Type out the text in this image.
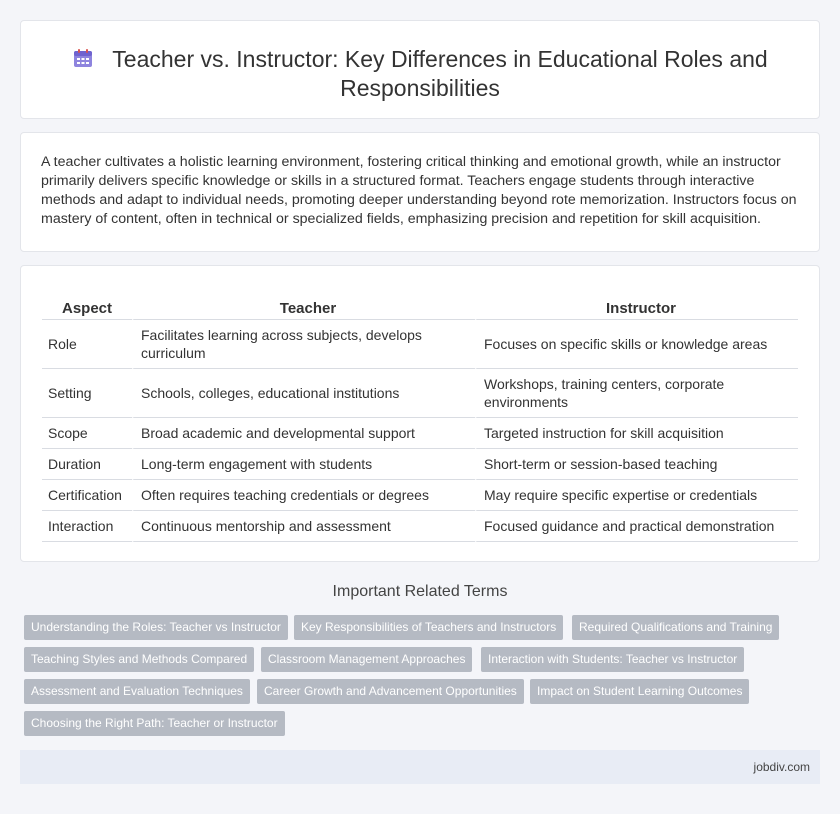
Teacher vs. Instructor: Key Differences in Educational Roles and Responsibilities

A teacher cultivates a holistic learning environment, fostering critical thinking and emotional growth, while an instructor primarily delivers specific knowledge or skills in a structured format. Teachers engage students through interactive methods and adapt to individual needs, promoting deeper understanding beyond rote memorization. Instructors focus on mastery of content, often in technical or specialized fields, emphasizing precision and repetition for skill acquisition.

Aspect	Teacher	Instructor
Role	Facilitates learning across subjects, develops curriculum	Focuses on specific skills or knowledge areas
Setting	Schools, colleges, educational institutions	Workshops, training centers, corporate environments
Scope	Broad academic and developmental support	Targeted instruction for skill acquisition
Duration	Long-term engagement with students	Short-term or session-based teaching
Certification	Often requires teaching credentials or degrees	May require specific expertise or credentials
Interaction	Continuous mentorship and assessment	Focused guidance and practical demonstration
Important Related Terms
Understanding the Roles: Teacher vs Instructor	Key Responsibilities of Teachers and Instructors	Required Qualifications and Training
Teaching Styles and Methods Compared	Classroom Management Approaches	Interaction with Students: Teacher vs Instructor
Assessment and Evaluation Techniques	Career Growth and Advancement Opportunities	Impact on Student Learning Outcomes
Choosing the Right Path: Teacher or Instructor
jobdiv.com
